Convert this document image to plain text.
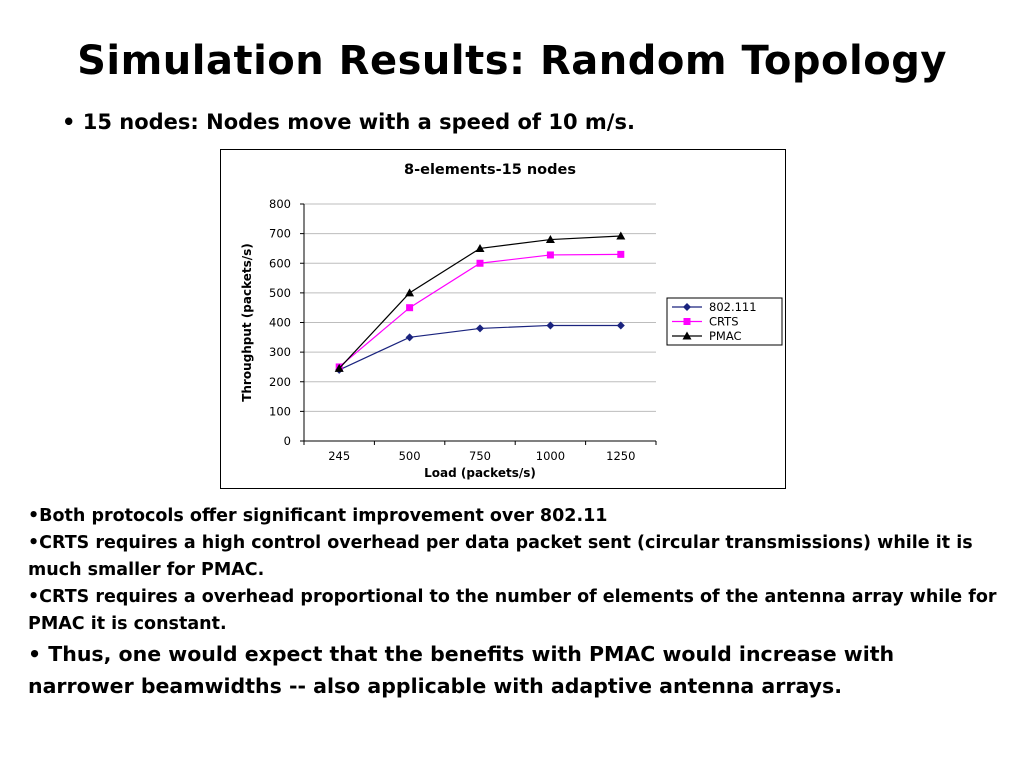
Simulation Results: Random Topology
• 15 nodes: Nodes move with a speed of 10 m/s.
8-elements-15 nodes
0
100
200
300
400
500
600
700
800
245	500	750	1000	1250
Load (packets/s)
Throughput (packets/s)	802.111
CRTS
PMAC

•Both protocols offer significant improvement over 802.11

•CRTS requires a high control overhead per data packet sent (circular transmissions) while it is much smaller for PMAC.

•CRTS requires a overhead proportional to the number of elements of the antenna array while for PMAC it is constant.

• Thus, one would expect that the benefits with PMAC would increase with narrower beamwidths -- also applicable with adaptive antenna arrays.
